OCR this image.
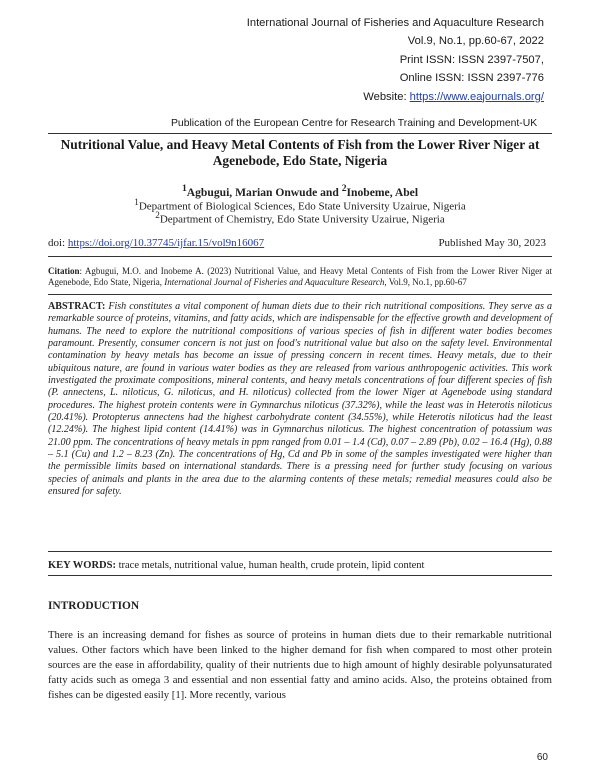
International Journal of Fisheries and Aquaculture Research
Vol.9, No.1, pp.60-67, 2022
Print ISSN: ISSN 2397-7507,
Online ISSN: ISSN 2397-776
Website: https://www.eajournals.org/
Publication of the European Centre for Research Training and Development-UK
Nutritional Value, and Heavy Metal Contents of Fish from the Lower River Niger at Agenebode, Edo State, Nigeria
$^1$Agbugui, Marian Onwude and $^2$Inobeme, Abel
$^1$Department of Biological Sciences, Edo State University Uzairue, Nigeria
$^2$Department of Chemistry, Edo State University Uzairue, Nigeria
doi: https://doi.org/10.37745/ijfar.15/vol9n16067	Published May 30, 2023
Citation: Agbugui, M.O. and Inobeme A. (2023) Nutritional Value, and Heavy Metal Contents of Fish from the Lower River Niger at Agenebode, Edo State, Nigeria, International Journal of Fisheries and Aquaculture Research, Vol.9, No.1, pp.60-67
ABSTRACT: Fish constitutes a vital component of human diets due to their rich nutritional compositions. They serve as a remarkable source of proteins, vitamins, and fatty acids, which are indispensable for the effective growth and development of humans. The need to explore the nutritional compositions of various species of fish in different water bodies becomes paramount. Presently, consumer concern is not just on food's nutritional value but also on the safety level. Environmental contamination by heavy metals has become an issue of pressing concern in recent times. Heavy metals, due to their ubiquitous nature, are found in various water bodies as they are released from various anthropogenic activities. This work investigated the proximate compositions, mineral contents, and heavy metals concentrations of four different species of fish (P. annectens, L. niloticus, G. niloticus, and H. niloticus) collected from the lower Niger at Agenebode using standard procedures. The highest protein contents were in Gymnarchus niloticus (37.32%), while the least was in Heterotis niloticus (20.41%). Protopterus annectens had the highest carbohydrate content (34.55%), while Heterotis niloticus had the least (12.24%). The highest lipid content (14.41%) was in Gymnarchus niloticus. The highest concentration of potassium was 21.00 ppm. The concentrations of heavy metals in ppm ranged from 0.01 – 1.4 (Cd), 0.07 – 2.89 (Pb), 0.02 – 16.4 (Hg), 0.88 – 5.1 (Cu) and 1.2 – 8.23 (Zn). The concentrations of Hg, Cd and Pb in some of the samples investigated were higher than the permissible limits based on international standards. There is a pressing need for further study focusing on various species of animals and plants in the area due to the alarming contents of these metals; remedial measures could also be ensured for safety.
KEY WORDS: trace metals, nutritional value, human health, crude protein, lipid content
INTRODUCTION
There is an increasing demand for fishes as source of proteins in human diets due to their remarkable nutritional values. Other factors which have been linked to the higher demand for fish when compared to most other protein sources are the ease in affordability, quality of their nutrients due to high amount of highly desirable polyunsaturated fatty acids such as omega 3 and essential and non essential fatty and amino acids. Also, the proteins obtained from fishes can be digested easily [1]. More recently, various
60
